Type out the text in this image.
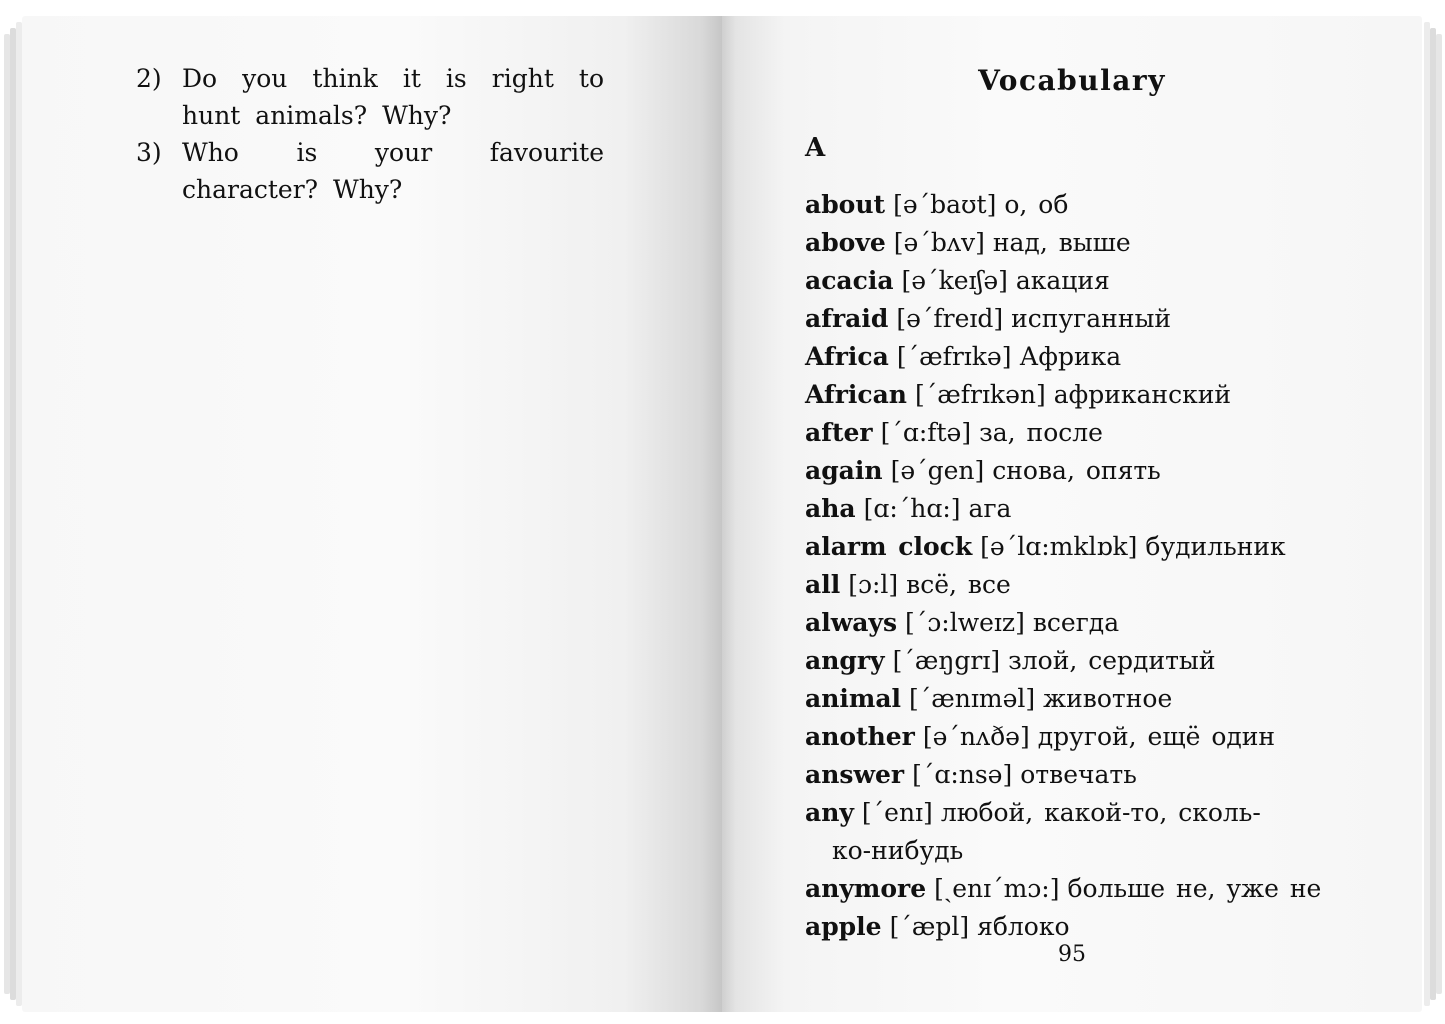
2) Do you think it is right to hunt animals? Why?
3) Who is your favourite character? Why?
Vocabulary
A
about [əˊbaʊt] о, об
above [əˊbʌv] над, выше
acacia [əˊkeɪʃə] акация
afraid [əˊfreɪd] испуганный
Africa [ˊæfrɪkə] Африка
African [ˊæfrɪkən] африканский
after [ˊɑ:ftə] за, после
again [əˊgen] снова, опять
aha [ɑ:ˊhɑ:] ага
alarm clock [əˊlɑ:mklɒk] будильник
all [ɔ:l] всё, все
always [ˊɔ:lweɪz] всегда
angry [ˊæŋgrɪ] злой, сердитый
animal [ˊænɪməl] животное
another [əˊnʌðə] другой, ещё один
answer [ˊɑ:nsə] отвечать
any [ˊenɪ] любой, какой-то, сколь-
ко-нибудь
anymore [ˏenɪˊmɔ:] больше не, уже не
apple [ˊæpl] яблоко
95
